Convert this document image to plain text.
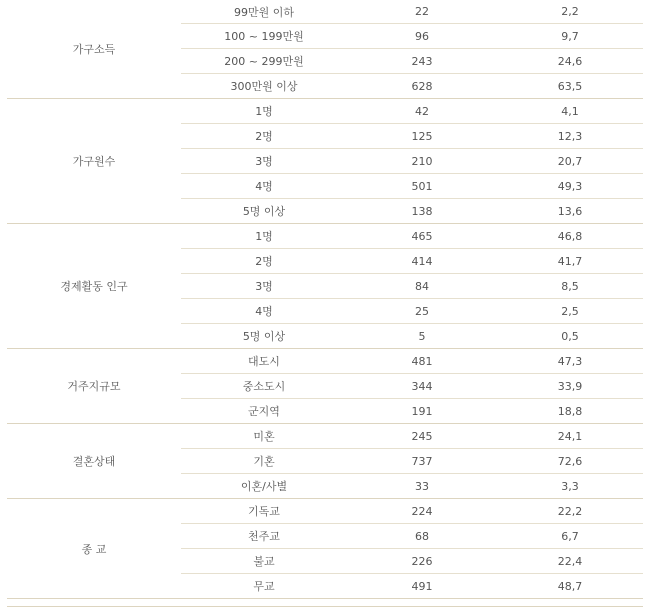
가구소득	99만원 이하	22	2,2
	100 ~ 199만원	96	9,7
	200 ~ 299만원	243	24,6
	300만원 이상	628	63,5
가구원수	1명	42	4,1
	2명	125	12,3
	3명	210	20,7
	4명	501	49,3
	5명 이상	138	13,6
경제활동 인구	1명	465	46,8
	2명	414	41,7
	3명	84	8,5
	4명	25	2,5
	5명 이상	5	0,5
거주지규모	대도시	481	47,3
	중소도시	344	33,9
	군지역	191	18,8
결혼상태	미혼	245	24,1
	기혼	737	72,6
	이혼/사별	33	3,3
종 교	기독교	224	22,2
	천주교	68	6,7
	불교	226	22,4
	무교	491	48,7
